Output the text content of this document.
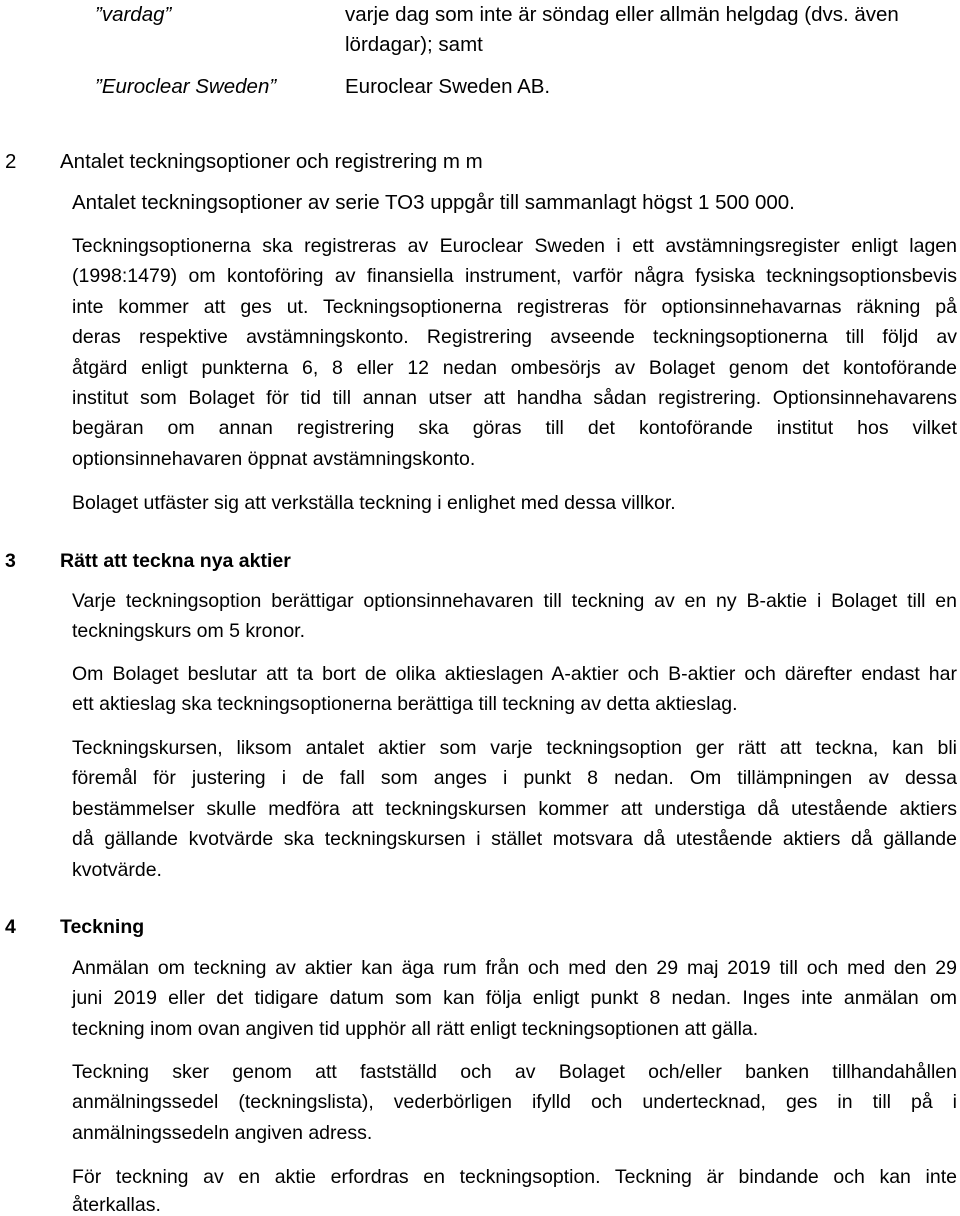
”vardag”	varje dag som inte är söndag eller allmän helgdag (dvs. även
lördagar); samt
”Euroclear Sweden”	Euroclear Sweden AB.
2	Antalet teckningsoptioner och registrering m m
Antalet teckningsoptioner av serie TO3 uppgår till sammanlagt högst 1 500 000.
Teckningsoptionerna ska registreras av Euroclear Sweden i ett avstämningsregister enligt lagen
(1998:1479) om kontoföring av finansiella instrument, varför några fysiska teckningsoptionsbevis
inte kommer att ges ut. Teckningsoptionerna registreras för optionsinnehavarnas räkning på
deras respektive avstämningskonto. Registrering avseende teckningsoptionerna till följd av
åtgärd enligt punkterna 6, 8 eller 12 nedan ombesörjs av Bolaget genom det kontoförande
institut som Bolaget för tid till annan utser att handha sådan registrering. Optionsinnehavarens
begäran om annan registrering ska göras till det kontoförande institut hos vilket
optionsinnehavaren öppnat avstämningskonto.
Bolaget utfäster sig att verkställa teckning i enlighet med dessa villkor.
3	Rätt att teckna nya aktier
Varje teckningsoption berättigar optionsinnehavaren till teckning av en ny B-aktie i Bolaget till en
teckningskurs om 5 kronor.
Om Bolaget beslutar att ta bort de olika aktieslagen A-aktier och B-aktier och därefter endast har
ett aktieslag ska teckningsoptionerna berättiga till teckning av detta aktieslag.
Teckningskursen, liksom antalet aktier som varje teckningsoption ger rätt att teckna, kan bli
föremål för justering i de fall som anges i punkt 8 nedan. Om tillämpningen av dessa
bestämmelser skulle medföra att teckningskursen kommer att understiga då utestående aktiers
då gällande kvotvärde ska teckningskursen i stället motsvara då utestående aktiers då gällande
kvotvärde.
4	Teckning
Anmälan om teckning av aktier kan äga rum från och med den 29 maj 2019 till och med den 29
juni 2019 eller det tidigare datum som kan följa enligt punkt 8 nedan. Inges inte anmälan om
teckning inom ovan angiven tid upphör all rätt enligt teckningsoptionen att gälla.
Teckning sker genom att fastställd och av Bolaget och/eller banken tillhandahållen
anmälningssedel (teckningslista), vederbörligen ifylld och undertecknad, ges in till på i
anmälningssedeln angiven adress.
För teckning av en aktie erfordras en teckningsoption. Teckning är bindande och kan inte
återkallas.
